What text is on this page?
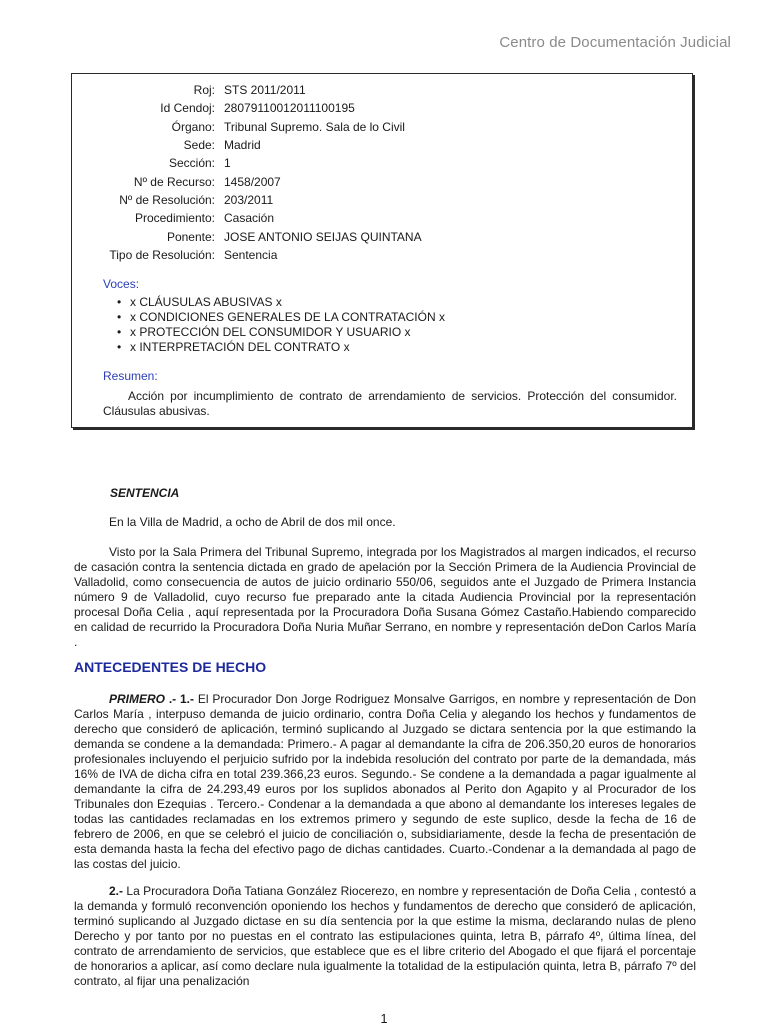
Centro de Documentación Judicial
Roj: STS 2011/2011
Id Cendoj: 28079110012011100195
Órgano: Tribunal Supremo. Sala de lo Civil
Sede: Madrid
Sección: 1
Nº de Recurso: 1458/2007
Nº de Resolución: 203/2011
Procedimiento: Casación
Ponente: JOSE ANTONIO SEIJAS QUINTANA
Tipo de Resolución: Sentencia
Voces:
• x CLÁUSULAS ABUSIVAS x
• x CONDICIONES GENERALES DE LA CONTRATACIÓN x
• x PROTECCIÓN DEL CONSUMIDOR Y USUARIO x
• x INTERPRETACIÓN DEL CONTRATO x
Resumen:
Acción por incumplimiento de contrato de arrendamiento de servicios. Protección del consumidor. Cláusulas abusivas.
SENTENCIA

En la Villa de Madrid, a ocho de Abril de dos mil once.

Visto por la Sala Primera del Tribunal Supremo, integrada por los Magistrados al margen indicados, el recurso de casación contra la sentencia dictada en grado de apelación por la Sección Primera de la Audiencia Provincial de Valladolid, como consecuencia de autos de juicio ordinario 550/06, seguidos ante el Juzgado de Primera Instancia número 9 de Valladolid, cuyo recurso fue preparado ante la citada Audiencia Provincial por la representación procesal Doña Celia , aquí representada por la Procuradora Doña Susana Gómez Castaño.Habiendo comparecido en calidad de recurrido la Procuradora Doña Nuria Muñar Serrano, en nombre y representación deDon Carlos María .

ANTECEDENTES DE HECHO

PRIMERO .- 1.- El Procurador Don Jorge Rodriguez Monsalve Garrigos, en nombre y representación de Don Carlos María , interpuso demanda de juicio ordinario, contra Doña Celia y alegando los hechos y fundamentos de derecho que consideró de aplicación, terminó suplicando al Juzgado se dictara sentencia por la que estimando la demanda se condene a la demandada: Primero.- A pagar al demandante la cifra de 206.350,20 euros de honorarios profesionales incluyendo el perjuicio sufrido por la indebida resolución del contrato por parte de la demandada, más 16% de IVA de dicha cifra en total 239.366,23 euros. Segundo.- Se condene a la demandada a pagar igualmente al demandante la cifra de 24.293,49 euros por los suplidos abonados al Perito don Agapito y al Procurador de los Tribunales don Ezequias . Tercero.- Condenar a la demandada a que abono al demandante los intereses legales de todas las cantidades reclamadas en los extremos primero y segundo de este suplico, desde la fecha de 16 de febrero de 2006, en que se celebró el juicio de conciliación o, subsidiariamente, desde la fecha de presentación de esta demanda hasta la fecha del efectivo pago de dichas cantidades. Cuarto.-Condenar a la demandada al pago de las costas del juicio.

2.- La Procuradora Doña Tatiana González Riocerezo, en nombre y representación de Doña Celia , contestó a la demanda y formuló reconvención oponiendo los hechos y fundamentos de derecho que consideró de aplicación, terminó suplicando al Juzgado dictase en su día sentencia por la que estime la misma, declarando nulas de pleno Derecho y por tanto por no puestas en el contrato las estipulaciones quinta, letra B, párrafo 4º, última línea, del contrato de arrendamiento de servicios, que establece que es el libre criterio del Abogado el que fijará el porcentaje de honorarios a aplicar, así como declare nula igualmente la totalidad de la estipulación quinta, letra B, párrafo 7º del contrato, al fijar una penalización

1
